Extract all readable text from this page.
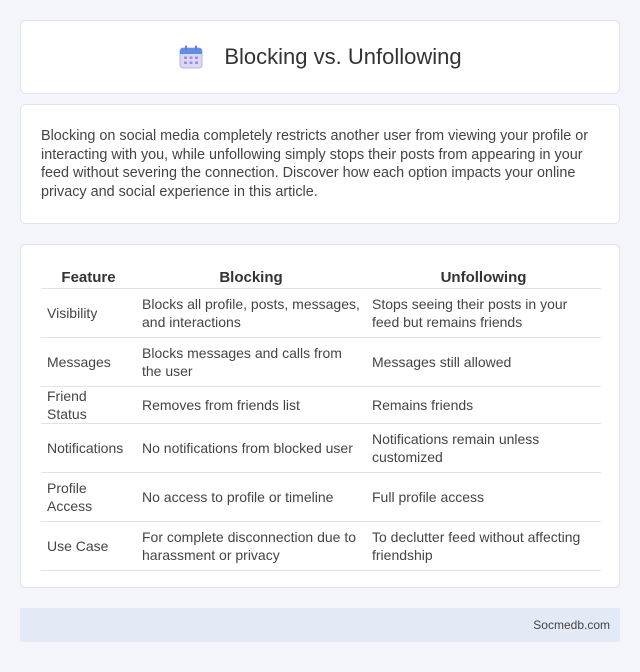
Blocking vs. Unfollowing

Blocking on social media completely restricts another user from viewing your profile or interacting with you, while unfollowing simply stops their posts from appearing in your feed without severing the connection. Discover how each option impacts your online privacy and social experience in this article.

Feature	Blocking	Unfollowing
Visibility	Blocks all profile, posts, messages, and interactions	Stops seeing their posts in your feed but remains friends
Messages	Blocks messages and calls from the user	Messages still allowed
Friend Status	Removes from friends list	Remains friends
Notifications	No notifications from blocked user	Notifications remain unless customized
Profile Access	No access to profile or timeline	Full profile access
Use Case	For complete disconnection due to harassment or privacy	To declutter feed without affecting friendship
Socmedb.com
